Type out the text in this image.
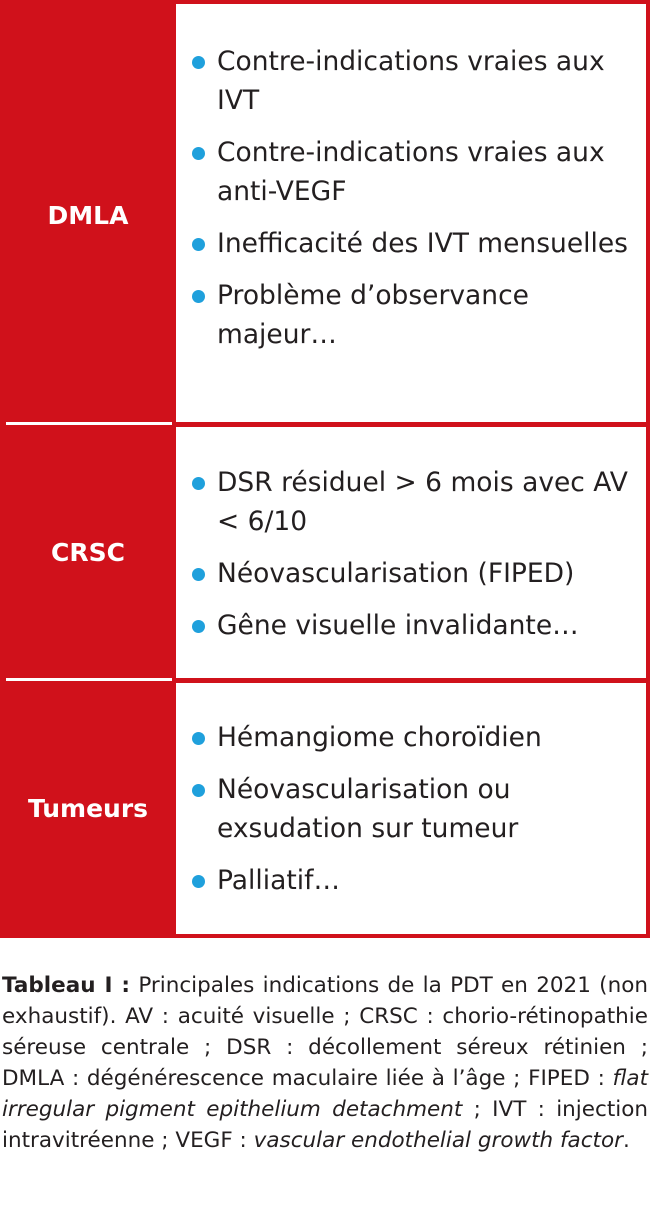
DMLA
Contre-indications vraies aux IVT
Contre-indications vraies aux anti-VEGF
Inefficacité des IVT mensuelles
Problème d’observance majeur…
CRSC
DSR résiduel > 6 mois avec AV < 6/10
Néovascularisation (FIPED)
Gêne visuelle invalidante…
Tumeurs
Hémangiome choroïdien
Néovascularisation ou exsudation sur tumeur
Palliatif…
Tableau I : Principales indications de la PDT en 2021 (non exhaustif). AV : acuité visuelle ; CRSC : chorio-rétinopathie séreuse centrale ; DSR : décollement séreux rétinien ; DMLA : dégénérescence maculaire liée à l’âge ; FIPED : flat irregular pigment epithelium detachment ; IVT : injection intravitréenne ; VEGF : vascular endothelial growth factor.
